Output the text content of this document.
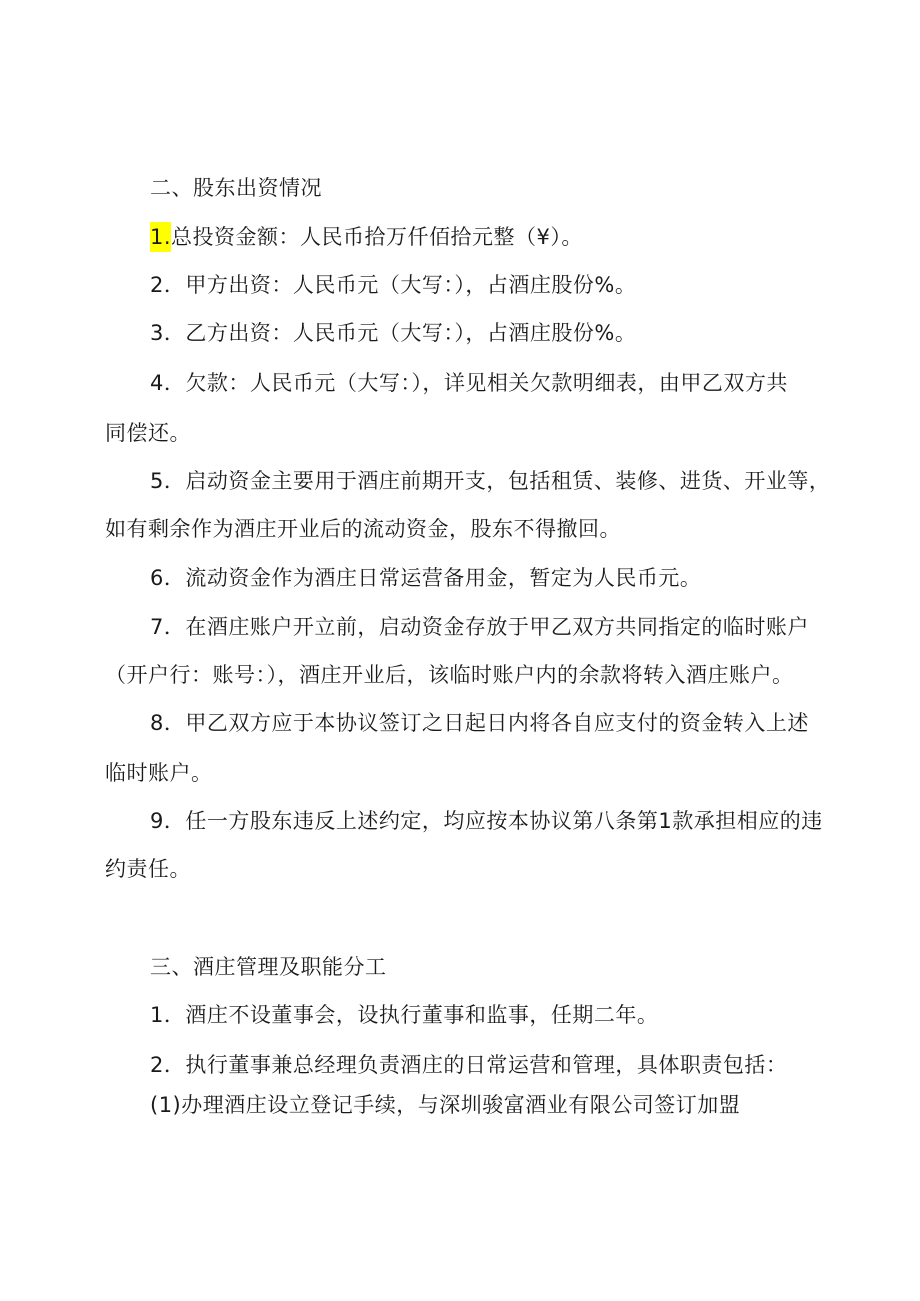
二、股东出资情况
1.总投资金额：人民币拾万仟佰拾元整（¥）。
2．甲方出资：人民币元（大写：），占酒庄股份%。
3．乙方出资：人民币元（大写：），占酒庄股份%。
4．欠款：人民币元（大写：），详见相关欠款明细表，由甲乙双方共
同偿还。
5．启动资金主要用于酒庄前期开支，包括租赁、装修、进货、开业等，
如有剩余作为酒庄开业后的流动资金，股东不得撤回。
6．流动资金作为酒庄日常运营备用金，暂定为人民币元。
7．在酒庄账户开立前，启动资金存放于甲乙双方共同指定的临时账户
（开户行：账号：），酒庄开业后，该临时账户内的余款将转入酒庄账户。
8．甲乙双方应于本协议签订之日起日内将各自应支付的资金转入上述
临时账户。
9．任一方股东违反上述约定，均应按本协议第八条第1款承担相应的违
约责任。
三、酒庄管理及职能分工
1．酒庄不设董事会，设执行董事和监事，任期二年。
2．执行董事兼总经理负责酒庄的日常运营和管理，具体职责包括：
(1)办理酒庄设立登记手续，与深圳骏富酒业有限公司签订加盟
